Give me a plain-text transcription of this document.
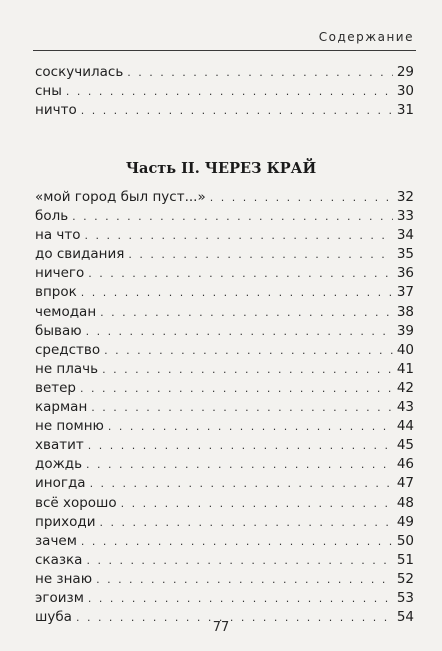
Содержание
соскучилась . . .	29
сны . . .	30
ничто . . .	31
Часть II. ЧЕРЕЗ КРАЙ
«мой город был пуст...» . . .	32
боль . . .	33
на что . . .	34
до свидания . . .	35
ничего . . .	36
впрок . . .	37
чемодан . . .	38
бываю . . .	39
средство . . .	40
не плачь . . .	41
ветер . . .	42
карман . . .	43
не помню . . .	44
хватит . . .	45
дождь . . .	46
иногда . . .	47
всё хорошо . . .	48
приходи . . .	49
зачем . . .	50
сказка . . .	51
не знаю . . .	52
эгоизм . . .	53
шуба . . .	54
77
